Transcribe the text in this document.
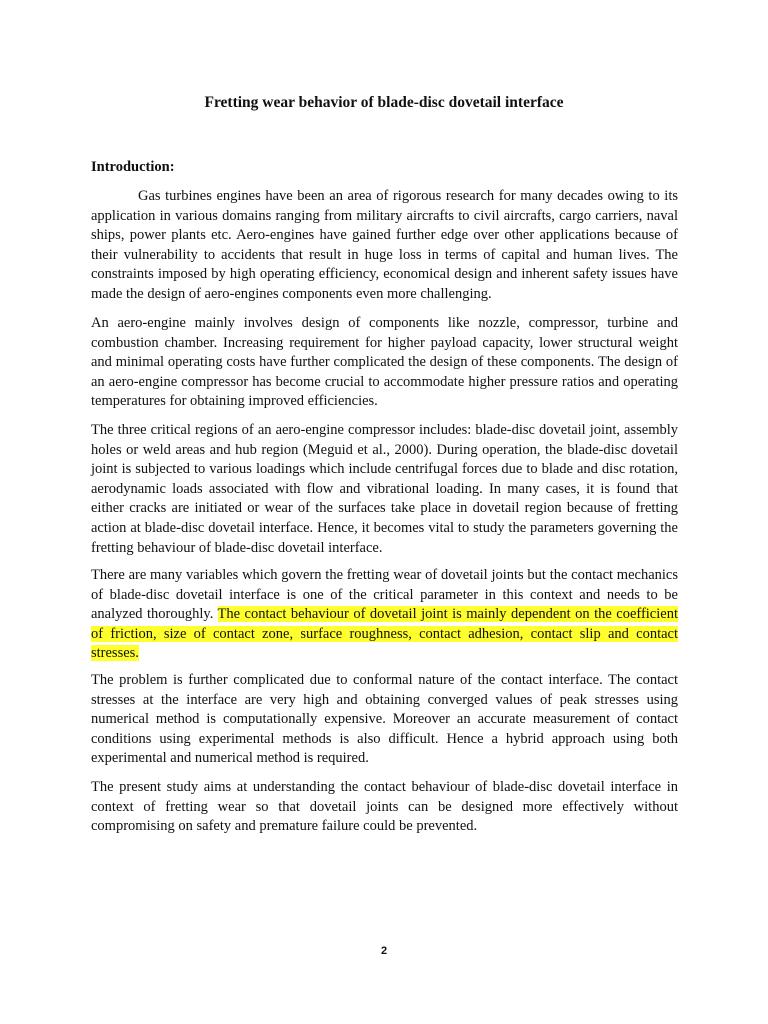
Fretting wear behavior of blade-disc dovetail interface

Introduction:

Gas turbines engines have been an area of rigorous research for many decades owing to its application in various domains ranging from military aircrafts to civil aircrafts, cargo carriers, naval ships, power plants etc. Aero-engines have gained further edge over other applications because of their vulnerability to accidents that result in huge loss in terms of capital and human lives. The constraints imposed by high operating efficiency, economical design and inherent safety issues have made the design of aero-engines components even more challenging.

An aero-engine mainly involves design of components like nozzle, compressor, turbine and combustion chamber. Increasing requirement for higher payload capacity, lower structural weight and minimal operating costs have further complicated the design of these components. The design of an aero-engine compressor has become crucial to accommodate higher pressure ratios and operating temperatures for obtaining improved efficiencies.

The three critical regions of an aero-engine compressor includes: blade-disc dovetail joint, assembly holes or weld areas and hub region (Meguid et al., 2000). During operation, the blade-disc dovetail joint is subjected to various loadings which include centrifugal forces due to blade and disc rotation, aerodynamic loads associated with flow and vibrational loading. In many cases, it is found that either cracks are initiated or wear of the surfaces take place in dovetail region because of fretting action at blade-disc dovetail interface. Hence, it becomes vital to study the parameters governing the fretting behaviour of blade-disc dovetail interface.

There are many variables which govern the fretting wear of dovetail joints but the contact mechanics of blade-disc dovetail interface is one of the critical parameter in this context and needs to be analyzed thoroughly. The contact behaviour of dovetail joint is mainly dependent on the coefficient of friction, size of contact zone, surface roughness, contact adhesion, contact slip and contact stresses.

The problem is further complicated due to conformal nature of the contact interface. The contact stresses at the interface are very high and obtaining converged values of peak stresses using numerical method is computationally expensive. Moreover an accurate measurement of contact conditions using experimental methods is also difficult. Hence a hybrid approach using both experimental and numerical method is required.

The present study aims at understanding the contact behaviour of blade-disc dovetail interface in context of fretting wear so that dovetail joints can be designed more effectively without compromising on safety and premature failure could be prevented.

2
